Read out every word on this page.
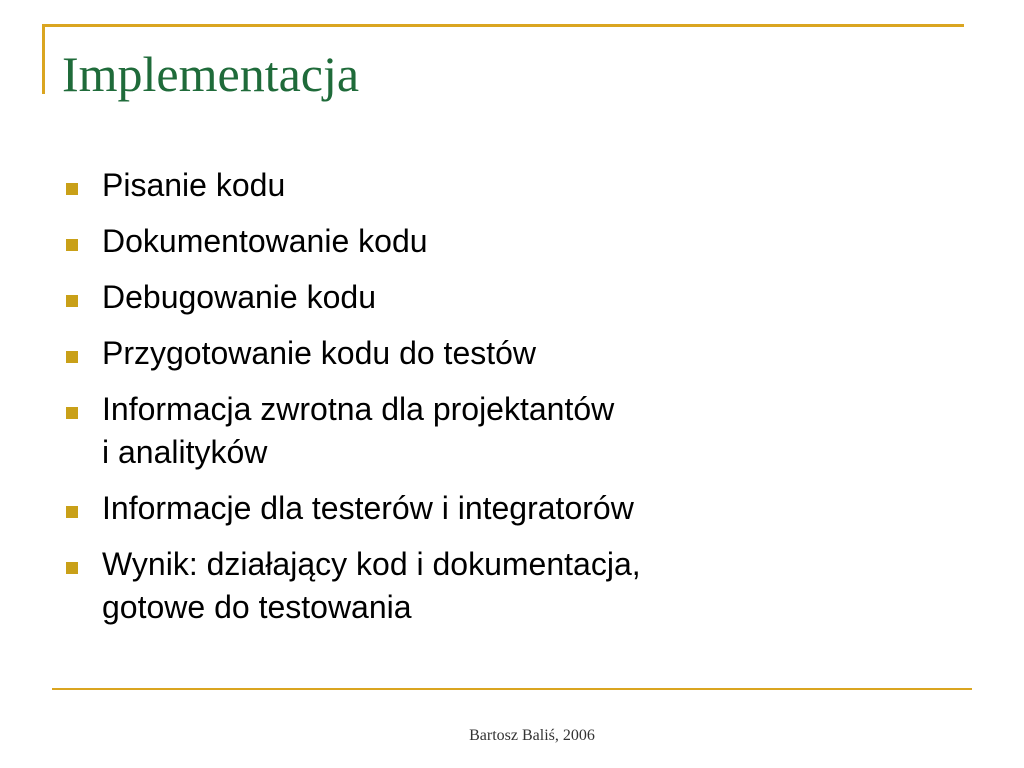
Implementacja
Pisanie kodu
Dokumentowanie kodu
Debugowanie kodu
Przygotowanie kodu do testów
Informacja zwrotna dla projektantów
i analityków
Informacje dla testerów i integratorów
Wynik: działający kod i dokumentacja,
gotowe do testowania
Bartosz Baliś, 2006
